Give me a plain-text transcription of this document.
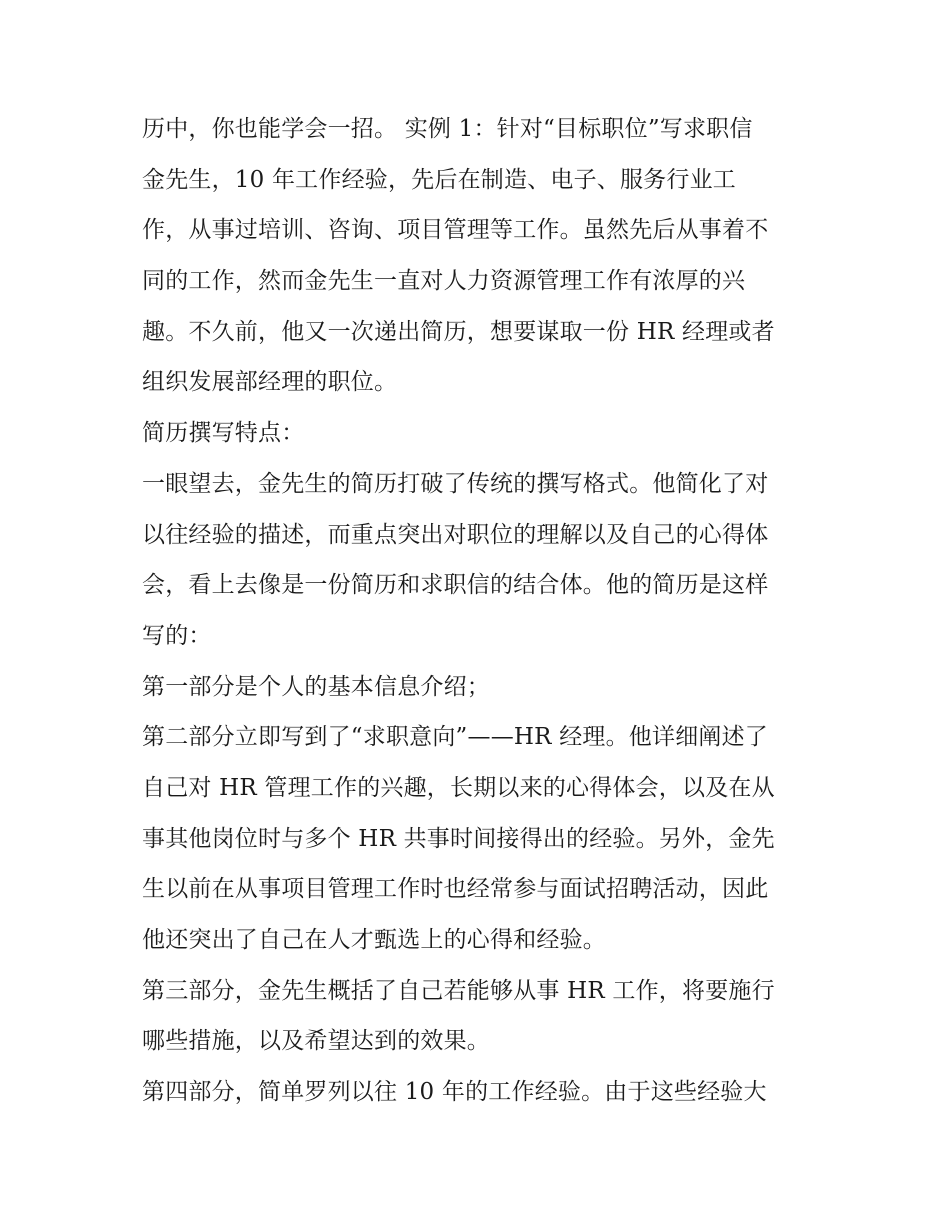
历中，你也能学会一招。 实例 1：针对“目标职位”写求职信
金先生，10 年工作经验，先后在制造、电子、服务行业工
作，从事过培训、咨询、项目管理等工作。虽然先后从事着不
同的工作，然而金先生一直对人力资源管理工作有浓厚的兴
趣。不久前，他又一次递出简历，想要谋取一份 HR 经理或者
组织发展部经理的职位。
简历撰写特点：
一眼望去，金先生的简历打破了传统的撰写格式。他简化了对
以往经验的描述，而重点突出对职位的理解以及自己的心得体
会，看上去像是一份简历和求职信的结合体。他的简历是这样
写的：
第一部分是个人的基本信息介绍；
第二部分立即写到了“求职意向”——HR 经理。他详细阐述了
自己对 HR 管理工作的兴趣，长期以来的心得体会，以及在从
事其他岗位时与多个 HR 共事时间接得出的经验。另外，金先
生以前在从事项目管理工作时也经常参与面试招聘活动，因此
他还突出了自己在人才甄选上的心得和经验。
第三部分，金先生概括了自己若能够从事 HR 工作，将要施行
哪些措施，以及希望达到的效果。
第四部分，简单罗列以往 10 年的工作经验。由于这些经验大
